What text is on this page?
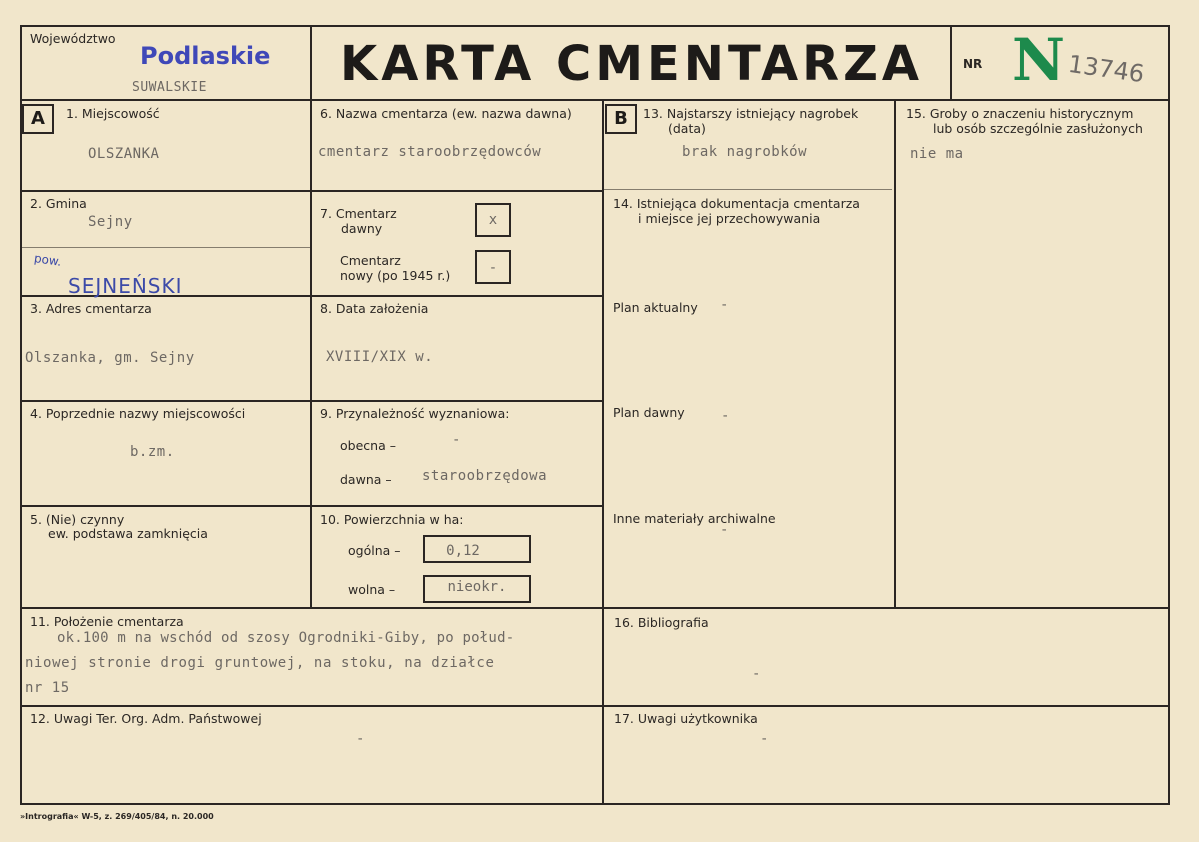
Województwo
Podlaskie
SUWALSKIE	KARTA CMENTARZA	NR N 13746
A	B
1. Miejscowość
OLSZANKA
2. Gmina
Sejny
pow.
SEJNEŃSKI
3. Adres cmentarza
Olszanka, gm. Sejny
4. Poprzednie nazwy miejscowości
b.zm.
5. (Nie) czynny
ew. podstawa zamknięcia
6. Nazwa cmentarza (ew. nazwa dawna)
cmentarz staroobrzędowców
7. Cmentarz
dawny
x
Cmentarz
nowy (po 1945 r.)	-
8. Data założenia
XVIII/XIX w.
9. Przynależność wyznaniowa:
obecna –	-
dawna – staroobrzędowa
10. Powierzchnia w ha:
ogólna –	0,12
wolna –	nieokr.
11. Położenie cmentarza
ok.100 m na wschód od szosy Ogrodniki-Giby, po połud-
niowej stronie drogi gruntowej, na stoku, na działce
nr 15
12. Uwagi Ter. Org. Adm. Państwowej
-
13. Najstarszy istniejący nagrobek
(data)
brak nagrobków
14. Istniejąca dokumentacja cmentarza
i miejsce jej przechowywania
Plan aktualny -
Plan dawny	-
Inne materiały archiwalne
-
15. Groby o znaczeniu historycznym
lub osób szczególnie zasłużonych
nie ma
16. Bibliografia
-
17. Uwagi użytkownika
-
»Intrografia« W-5, z. 269/405/84, n. 20.000
